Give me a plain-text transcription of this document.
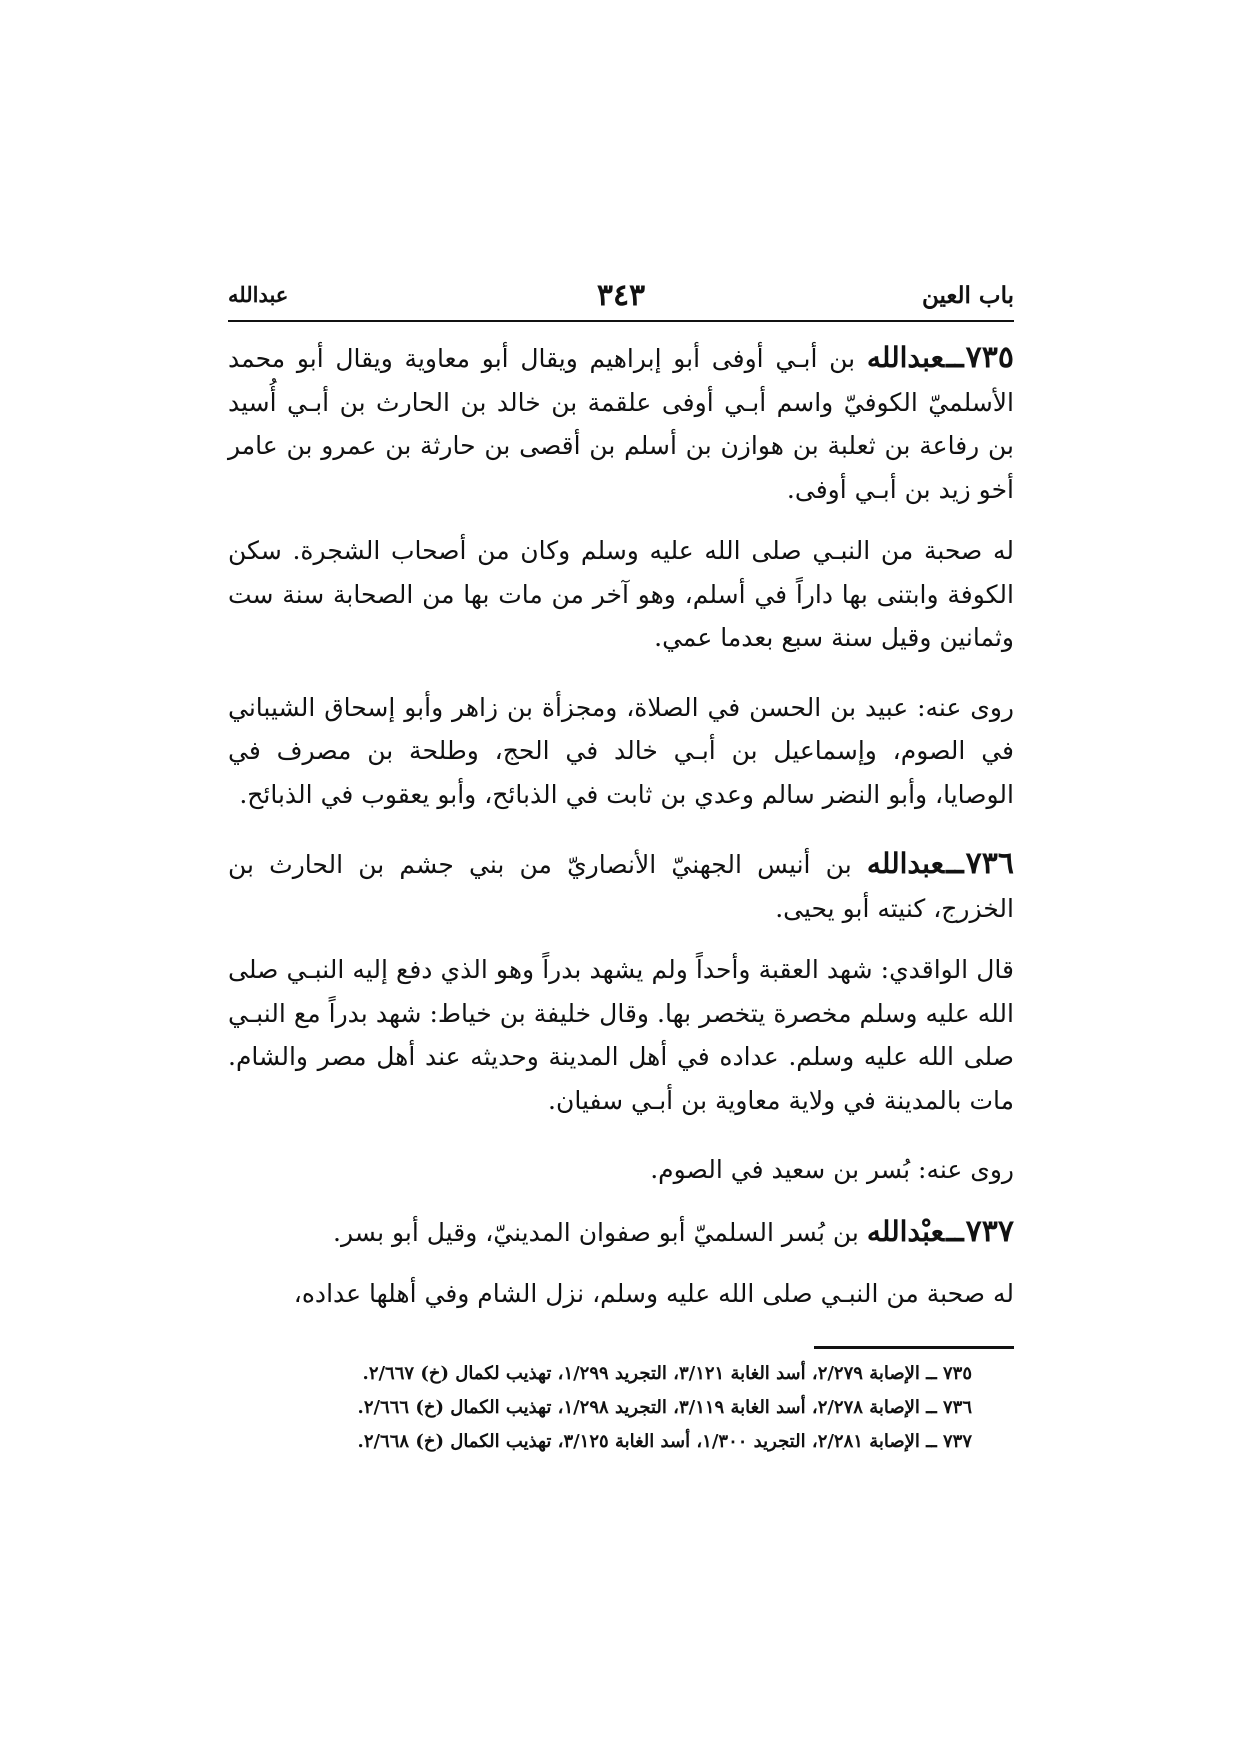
باب العين
٣٤٣
عبدالله

٧٣٥ــعبدالله بن أبـي أوفى أبو إبراهيم ويقال أبو معاوية ويقال أبو محمد الأسلميّ الكوفيّ واسم أبـي أوفى علقمة بن خالد بن الحارث بن أبـي أُسيد بن رفاعة بن ثعلبة بن هوازن بن أسلم بن أقصى بن حارثة بن عمرو بن عامر أخو زيد بن أبـي أوفى.

له صحبة من النبـي صلى الله عليه وسلم وكان من أصحاب الشجرة. سكن الكوفة وابتنى بها داراً في أسلم، وهو آخر من مات بها من الصحابة سنة ست وثمانين وقيل سنة سبع بعدما عمي.

روى عنه: عبيد بن الحسن في الصلاة، ومجزأة بن زاهر وأبو إسحاق الشيباني في الصوم، وإسماعيل بن أبـي خالد في الحج، وطلحة بن مصرف في الوصايا، وأبو النضر سالم وعدي بن ثابت في الذبائح، وأبو يعقوب في الذبائح.

٧٣٦ــعبدالله بن أنيس الجهنيّ الأنصاريّ من بني جشم بن الحارث بن الخزرج، كنيته أبو يحيى.

قال الواقدي: شهد العقبة وأحداً ولم يشهد بدراً وهو الذي دفع إليه النبـي صلى الله عليه وسلم مخصرة يتخصر بها. وقال خليفة بن خياط: شهد بدراً مع النبـي صلى الله عليه وسلم. عداده في أهل المدينة وحديثه عند أهل مصر والشام. مات بالمدينة في ولاية معاوية بن أبـي سفيان.

روى عنه: بُسر بن سعيد في الصوم.

٧٣٧ــعبْدالله بن بُسر السلميّ أبو صفوان المدينيّ، وقيل أبو بسر.

له صحبة من النبـي صلى الله عليه وسلم، نزل الشام وفي أهلها عداده،

٧٣٥ ــ الإصابة ٢/٢٧٩، أسد الغابة ٣/١٢١، التجريد ١/٢٩٩، تهذيب لكمال (خ) ٢/٦٦٧.

٧٣٦ ــ الإصابة ٢/٢٧٨، أسد الغابة ٣/١١٩، التجريد ١/٢٩٨، تهذيب الكمال (خ) ٢/٦٦٦.

٧٣٧ ــ الإصابة ٢/٢٨١، التجريد ١/٣٠٠، أسد الغابة ٣/١٢٥، تهذيب الكمال (خ) ٢/٦٦٨.
